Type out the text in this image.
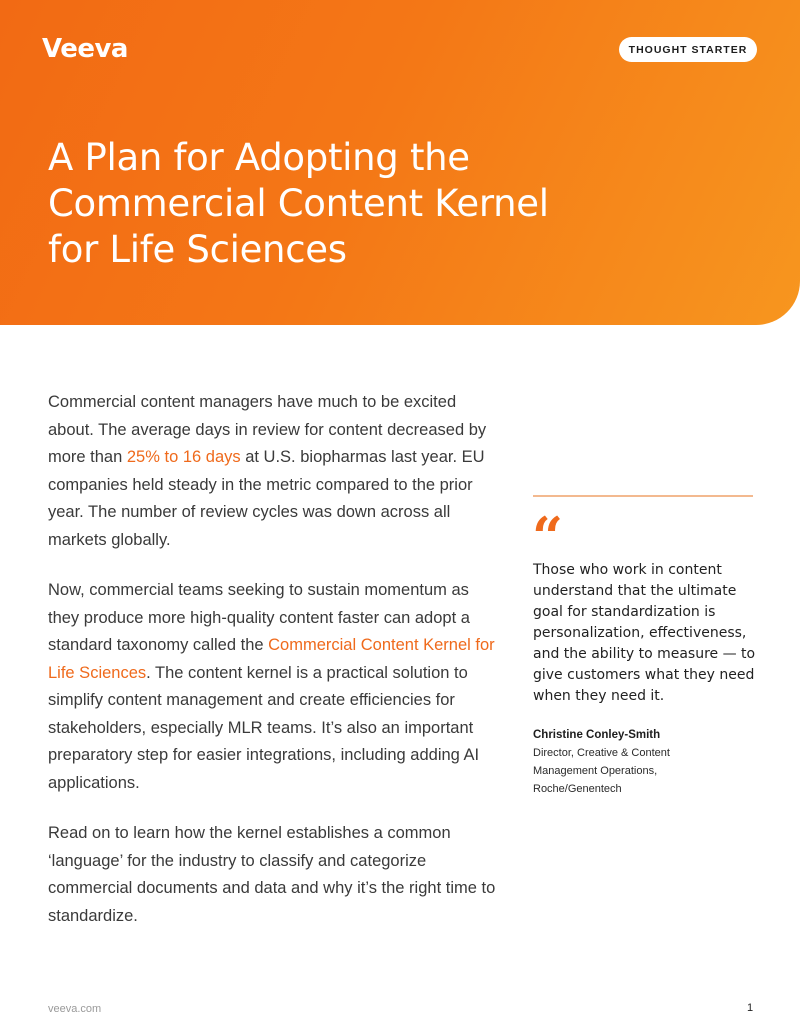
Veeva	THOUGHT STARTER
A Plan for Adopting the
Commercial Content Kernel
for Life Sciences

Commercial content managers have much to be excited about. The average days in review for content decreased by more than 25% to 16 days at U.S. biopharmas last year. EU companies held steady in the metric compared to the prior year. The number of review cycles was down across all markets globally.

Now, commercial teams seeking to sustain momentum as they produce more high-quality content faster can adopt a standard taxonomy called the Commercial Content Kernel for Life Sciences. The content kernel is a practical solution to simplify content management and create efficiencies for stakeholders, especially MLR teams. It’s also an important preparatory step for easier integrations, including adding AI applications.

Read on to learn how the kernel establishes a common ‘language’ for the industry to classify and categorize commercial documents and data and why it’s the right time to standardize.

“

Those who work in content understand that the ultimate goal for standardization is personalization, effectiveness, and the ability to measure — to give customers what they need when they need it.

Christine Conley-Smith
Director, Creative & Content
Management Operations,
Roche/Genentech
veeva.com	1
